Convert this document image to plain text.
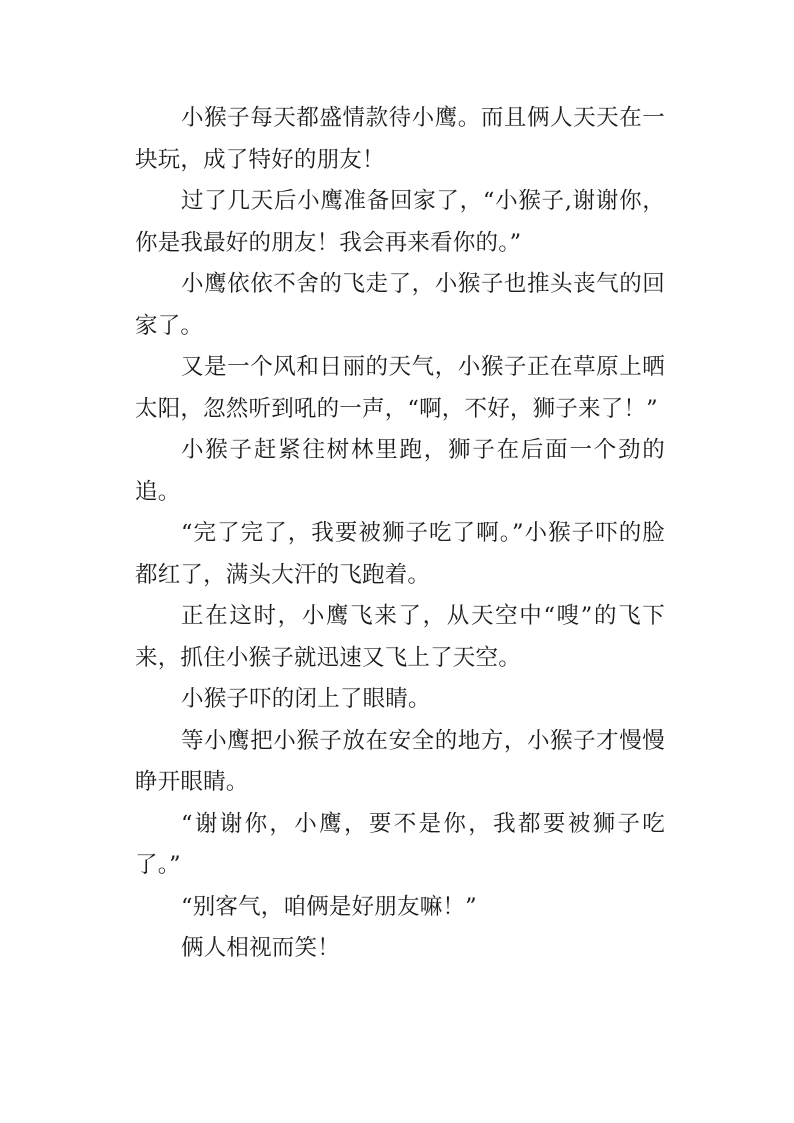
小猴子每天都盛情款待小鹰。而且俩人天天在一块玩，成了特好的朋友！

过了几天后小鹰准备回家了，“小猴子,谢谢你，你是我最好的朋友！我会再来看你的。”

小鹰依依不舍的飞走了，小猴子也推头丧气的回家了。

又是一个风和日丽的天气，小猴子正在草原上晒太阳，忽然听到吼的一声，“啊，不好，狮子来了！”

小猴子赶紧往树林里跑，狮子在后面一个劲的追。

“完了完了，我要被狮子吃了啊。”小猴子吓的脸都红了，满头大汗的飞跑着。

正在这时，小鹰飞来了，从天空中“嗖”的飞下来，抓住小猴子就迅速又飞上了天空。

小猴子吓的闭上了眼睛。

等小鹰把小猴子放在安全的地方，小猴子才慢慢睁开眼睛。

“谢谢你，小鹰，要不是你，我都要被狮子吃了。”

“别客气，咱俩是好朋友嘛！”

俩人相视而笑！
